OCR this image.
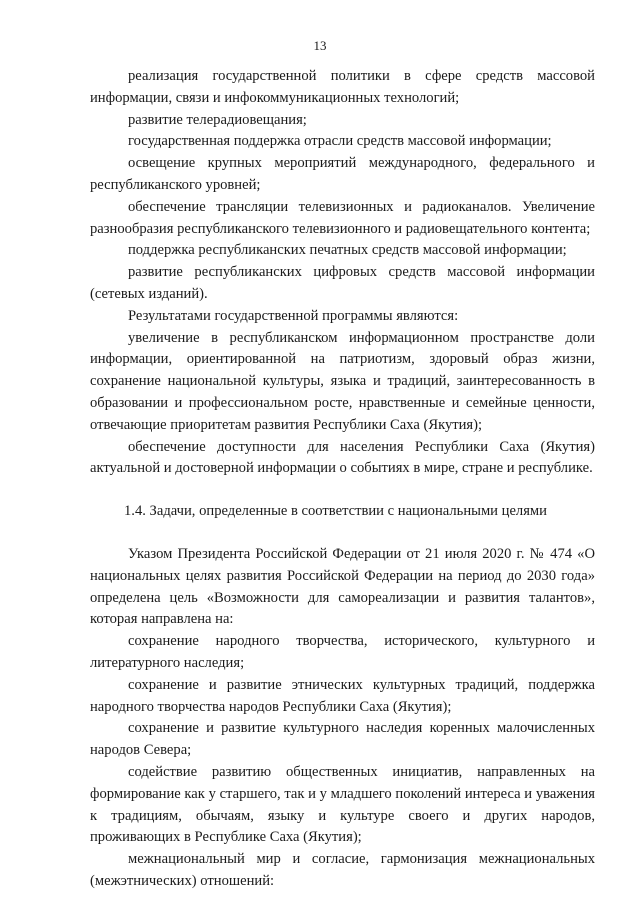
13

реализация государственной политики в сфере средств массовой информации, связи и инфокоммуникационных технологий;

развитие телерадиовещания;

государственная поддержка отрасли средств массовой информации;

освещение крупных мероприятий международного, федерального и республиканского уровней;

обеспечение трансляции телевизионных и радиоканалов. Увеличение разнообразия республиканского телевизионного и радиовещательного контента;

поддержка республиканских печатных средств массовой информации;

развитие республиканских цифровых средств массовой информации (сетевых изданий).

Результатами государственной программы являются:

увеличение в республиканском информационном пространстве доли информации, ориентированной на патриотизм, здоровый образ жизни, сохранение национальной культуры, языка и традиций, заинтересованность в образовании и профессиональном росте, нравственные и семейные ценности, отвечающие приоритетам развития Республики Саха (Якутия);

обеспечение доступности для населения Республики Саха (Якутия) актуальной и достоверной информации о событиях в мире, стране и республике.

1.4. Задачи, определенные в соответствии с национальными целями

Указом Президента Российской Федерации от 21 июля 2020 г. № 474 «О национальных целях развития Российской Федерации на период до 2030 года» определена цель «Возможности для самореализации и развития талантов», которая направлена на:

сохранение народного творчества, исторического, культурного и литературного наследия;

сохранение и развитие этнических культурных традиций, поддержка народного творчества народов Республики Саха (Якутия);

сохранение и развитие культурного наследия коренных малочисленных народов Севера;

содействие развитию общественных инициатив, направленных на формирование как у старшего, так и у младшего поколений интереса и уважения к традициям, обычаям, языку и культуре своего и других народов, проживающих в Республике Саха (Якутия);

межнациональный мир и согласие, гармонизация межнациональных (межэтнических) отношений:
